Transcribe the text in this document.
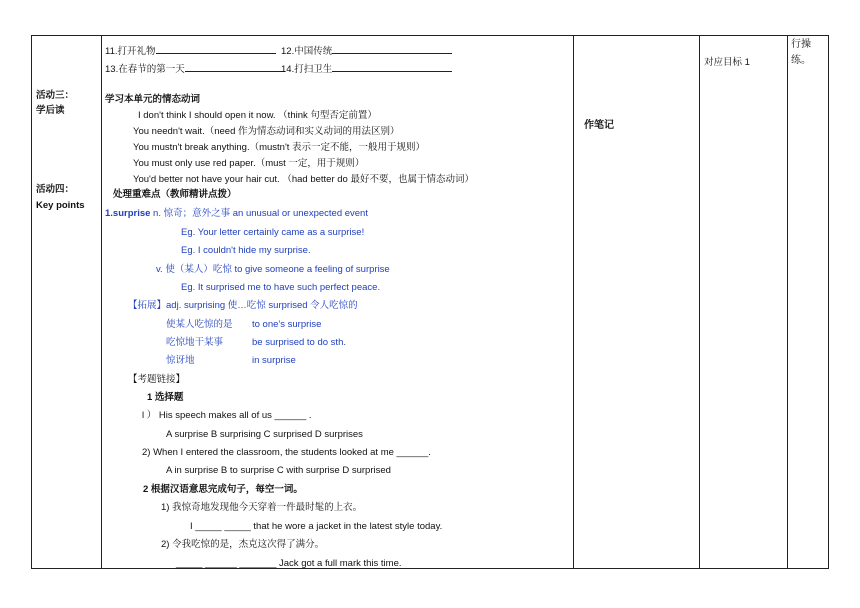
活动三：
学后读
活动四：
Key points
11.打开礼物	12.中国传统
13.在春节的第一天	14.打扫卫生
学习本单元的情态动词
I don't think I should open it now. （think 句型否定前置）
You needn't wait.（need 作为情态动词和实义动词的用法区别）
You mustn't break anything.（mustn't 表示一定不能，一般用于规则）
You must only use red paper.（must 一定，用于规则）
You'd better not have your hair cut. （had better do 最好不要，也属于情态动词）
处理重难点（教师精讲点拨）
1.surprise n. 惊奇；意外之事 an unusual or unexpected event
Eg. Your letter certainly came as a surprise!
Eg. I couldn't hide my surprise.
v. 使（某人）吃惊 to give someone a feeling of surprise
Eg. It surprised me to have such perfect peace.
【拓展】adj. surprising 使…吃惊 surprised 令人吃惊的
使某人吃惊的是 to one's surprise
吃惊地干某事	be surprised to do sth.
惊讶地	in surprise
【考题链接】
1 选择题
l ） His speech makes all of us ______ .
A surprise B surprising C surprised D surprises
2) When I entered the classroom, the students looked at me ______.
A in surprise B to surprise C with surprise D surprised
2 根据汉语意思完成句子，每空一词。
1) 我惊奇地发现他今天穿着一件最时髦的上衣。
I _____ _____ that he wore a jacket in the latest style today.
2) 令我吃惊的是，杰克这次得了满分。
_____ ______ _______ Jack got a full mark this time.
作笔记
对应目标 1
行操
练。
